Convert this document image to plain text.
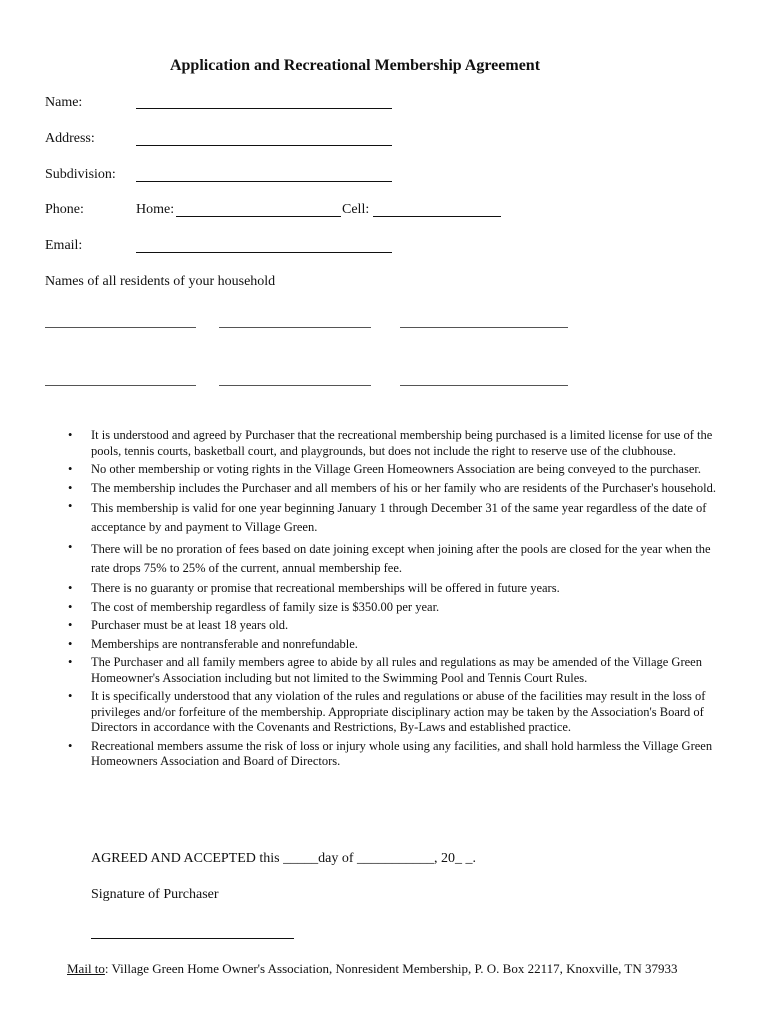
Application and Recreational Membership Agreement
Name:
Address:
Subdivision:
Phone:	Home:	Cell:
Email:
Names of all residents of your household
• It is understood and agreed by Purchaser that the recreational membership being purchased is a limited license for use of the pools, tennis courts, basketball court, and playgrounds, but does not include the right to reserve use of the clubhouse.
• No other membership or voting rights in the Village Green Homeowners Association are being conveyed to the purchaser.
• The membership includes the Purchaser and all members of his or her family who are residents of the Purchaser's household.
• This membership is valid for one year beginning January 1 through December 31 of the same year regardless of the date of acceptance by and payment to Village Green.
• There will be no proration of fees based on date joining except when joining after the pools are closed for the year when the rate drops 75% to 25% of the current, annual membership fee.
• There is no guaranty or promise that recreational memberships will be offered in future years.
• The cost of membership regardless of family size is $350.00 per year.
• Purchaser must be at least 18 years old.
• Memberships are nontransferable and nonrefundable.
• The Purchaser and all family members agree to abide by all rules and regulations as may be amended of the Village Green Homeowner's Association including but not limited to the Swimming Pool and Tennis Court Rules.
• It is specifically understood that any violation of the rules and regulations or abuse of the facilities may result in the loss of privileges and/or forfeiture of the membership. Appropriate disciplinary action may be taken by the Association's Board of Directors in accordance with the Covenants and Restrictions, By-Laws and established practice.
• Recreational members assume the risk of loss or injury whole using any facilities, and shall hold harmless the Village Green Homeowners Association and Board of Directors.
AGREED AND ACCEPTED this _____day of ___________, 20_ _.
Signature of Purchaser
Mail to: Village Green Home Owner's Association, Nonresident Membership, P. O. Box 22117, Knoxville, TN 37933
